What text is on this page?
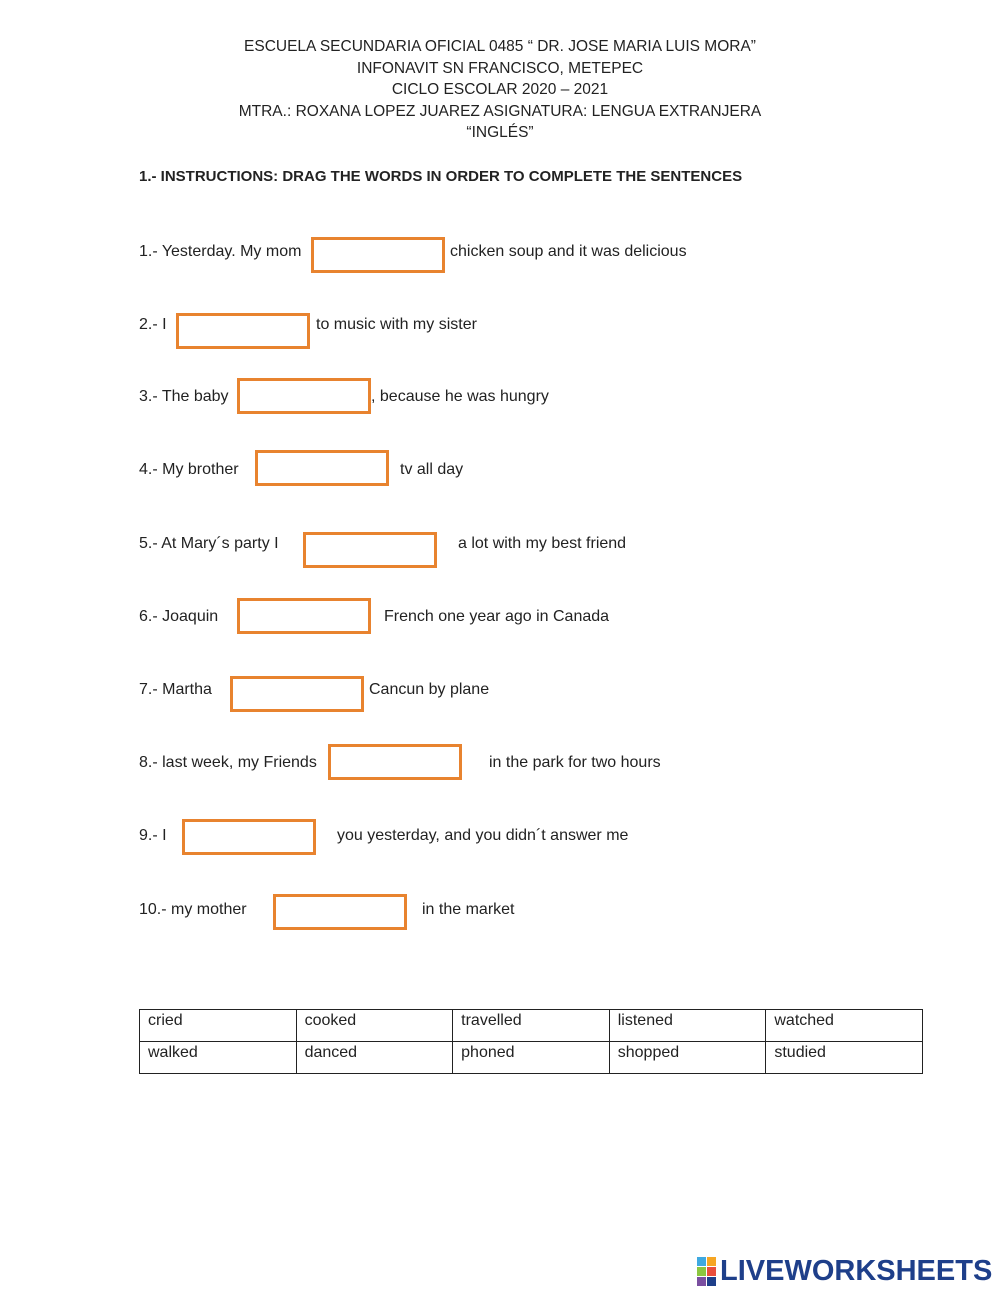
ESCUELA SECUNDARIA OFICIAL 0485 “ DR. JOSE MARIA LUIS MORA”
INFONAVIT SN FRANCISCO, METEPEC
CICLO ESCOLAR 2020 – 2021
MTRA.: ROXANA LOPEZ JUAREZ ASIGNATURA: LENGUA EXTRANJERA
“INGLÉS”
1.- INSTRUCTIONS: DRAG THE WORDS IN ORDER TO COMPLETE THE SENTENCES
1.- Yesterday. My mom	chicken soup and it was delicious
2.- I	to music with my sister
3.- The baby	, because he was hungry
4.- My brother	tv all day
5.- At Mary´s party I	a lot with my best friend
6.- Joaquin	French one year ago in Canada
7.- Martha	Cancun by plane
8.- last week, my Friends	in the park for two hours
9.- I	you yesterday, and you didn´t answer me
10.- my mother	in the market
cried	cooked	travelled	listened	watched

walked	danced	phoned	shopped	studied
LIVEWORKSHEETS
